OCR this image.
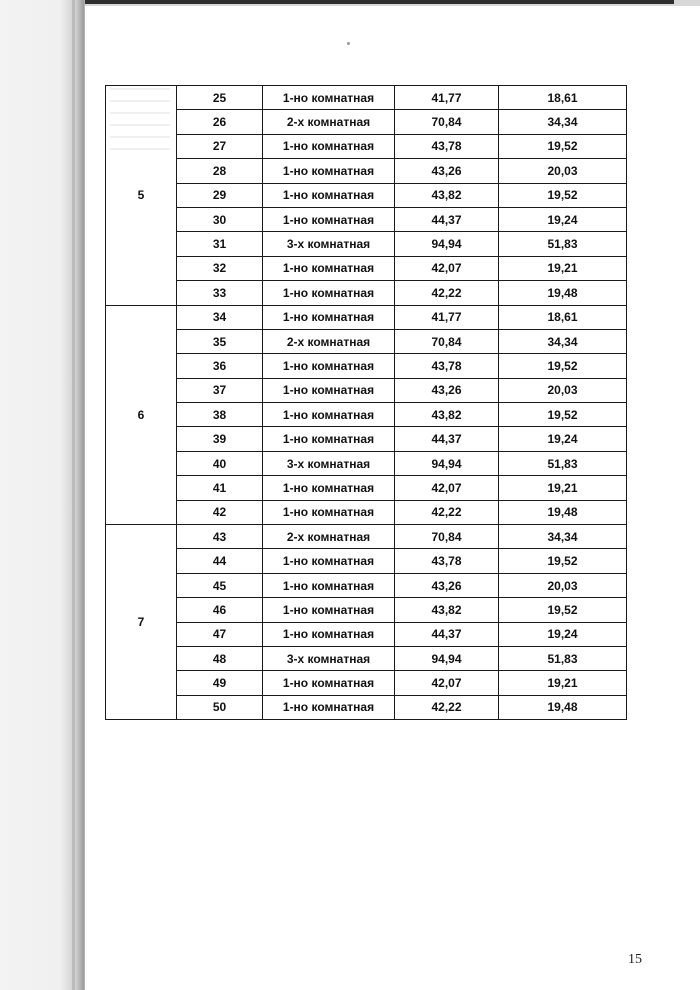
5	25	1-но комнатная	41,77	18,61
	26	2-х комнатная	70,84	34,34
	27	1-но комнатная	43,78	19,52
	28	1-но комнатная	43,26	20,03
	29	1-но комнатная	43,82	19,52
	30	1-но комнатная	44,37	19,24
	31	3-х комнатная	94,94	51,83
	32	1-но комнатная	42,07	19,21
	33	1-но комнатная	42,22	19,48
6	34	1-но комнатная	41,77	18,61
	35	2-х комнатная	70,84	34,34
	36	1-но комнатная	43,78	19,52
	37	1-но комнатная	43,26	20,03
	38	1-но комнатная	43,82	19,52
	39	1-но комнатная	44,37	19,24
	40	3-х комнатная	94,94	51,83
	41	1-но комнатная	42,07	19,21
	42	1-но комнатная	42,22	19,48
7	43	2-х комнатная	70,84	34,34
	44	1-но комнатная	43,78	19,52
	45	1-но комнатная	43,26	20,03
	46	1-но комнатная	43,82	19,52
	47	1-но комнатная	44,37	19,24
	48	3-х комнатная	94,94	51,83
	49	1-но комнатная	42,07	19,21
	50	1-но комнатная	42,22	19,48
15
